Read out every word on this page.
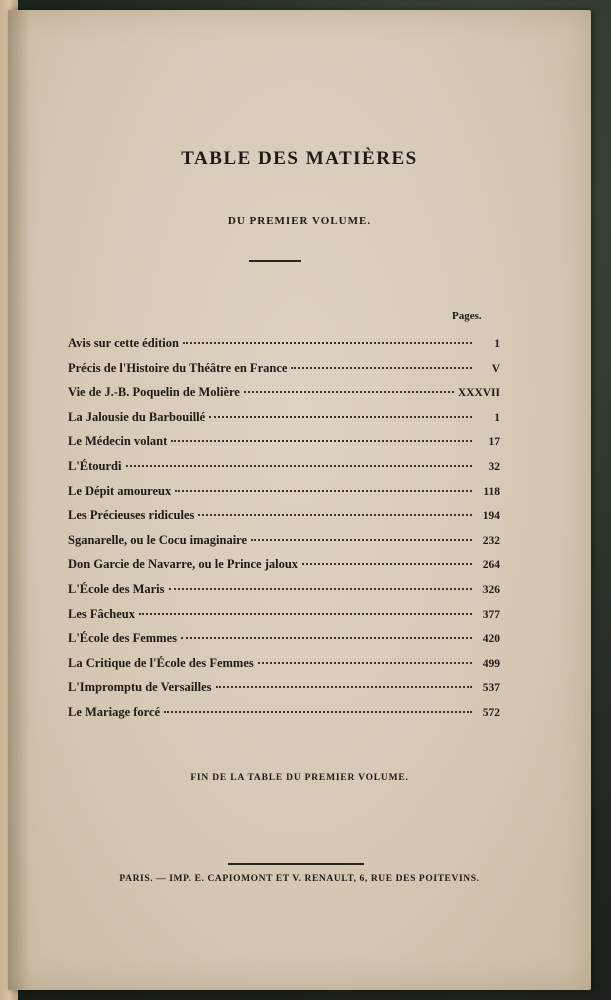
TABLE DES MATIÈRES
DU PREMIER VOLUME.
Pages.
Avis sur cette édition	1
Précis de l'Histoire du Théâtre en France	V
Vie de J.-B. Poquelin de Molière	XXXVII
La Jalousie du Barbouillé	1
Le Médecin volant	17
L'Étourdi	32
Le Dépit amoureux	118
Les Précieuses ridicules	194
Sganarelle, ou le Cocu imaginaire	232
Don Garcie de Navarre, ou le Prince jaloux	264
L'École des Maris	326
Les Fâcheux	377
L'École des Femmes	420
La Critique de l'École des Femmes	499
L'Impromptu de Versailles	537
Le Mariage forcé	572
FIN DE LA TABLE DU PREMIER VOLUME.
PARIS. — IMP. E. CAPIOMONT ET V. RENAULT, 6, RUE DES POITEVINS.
